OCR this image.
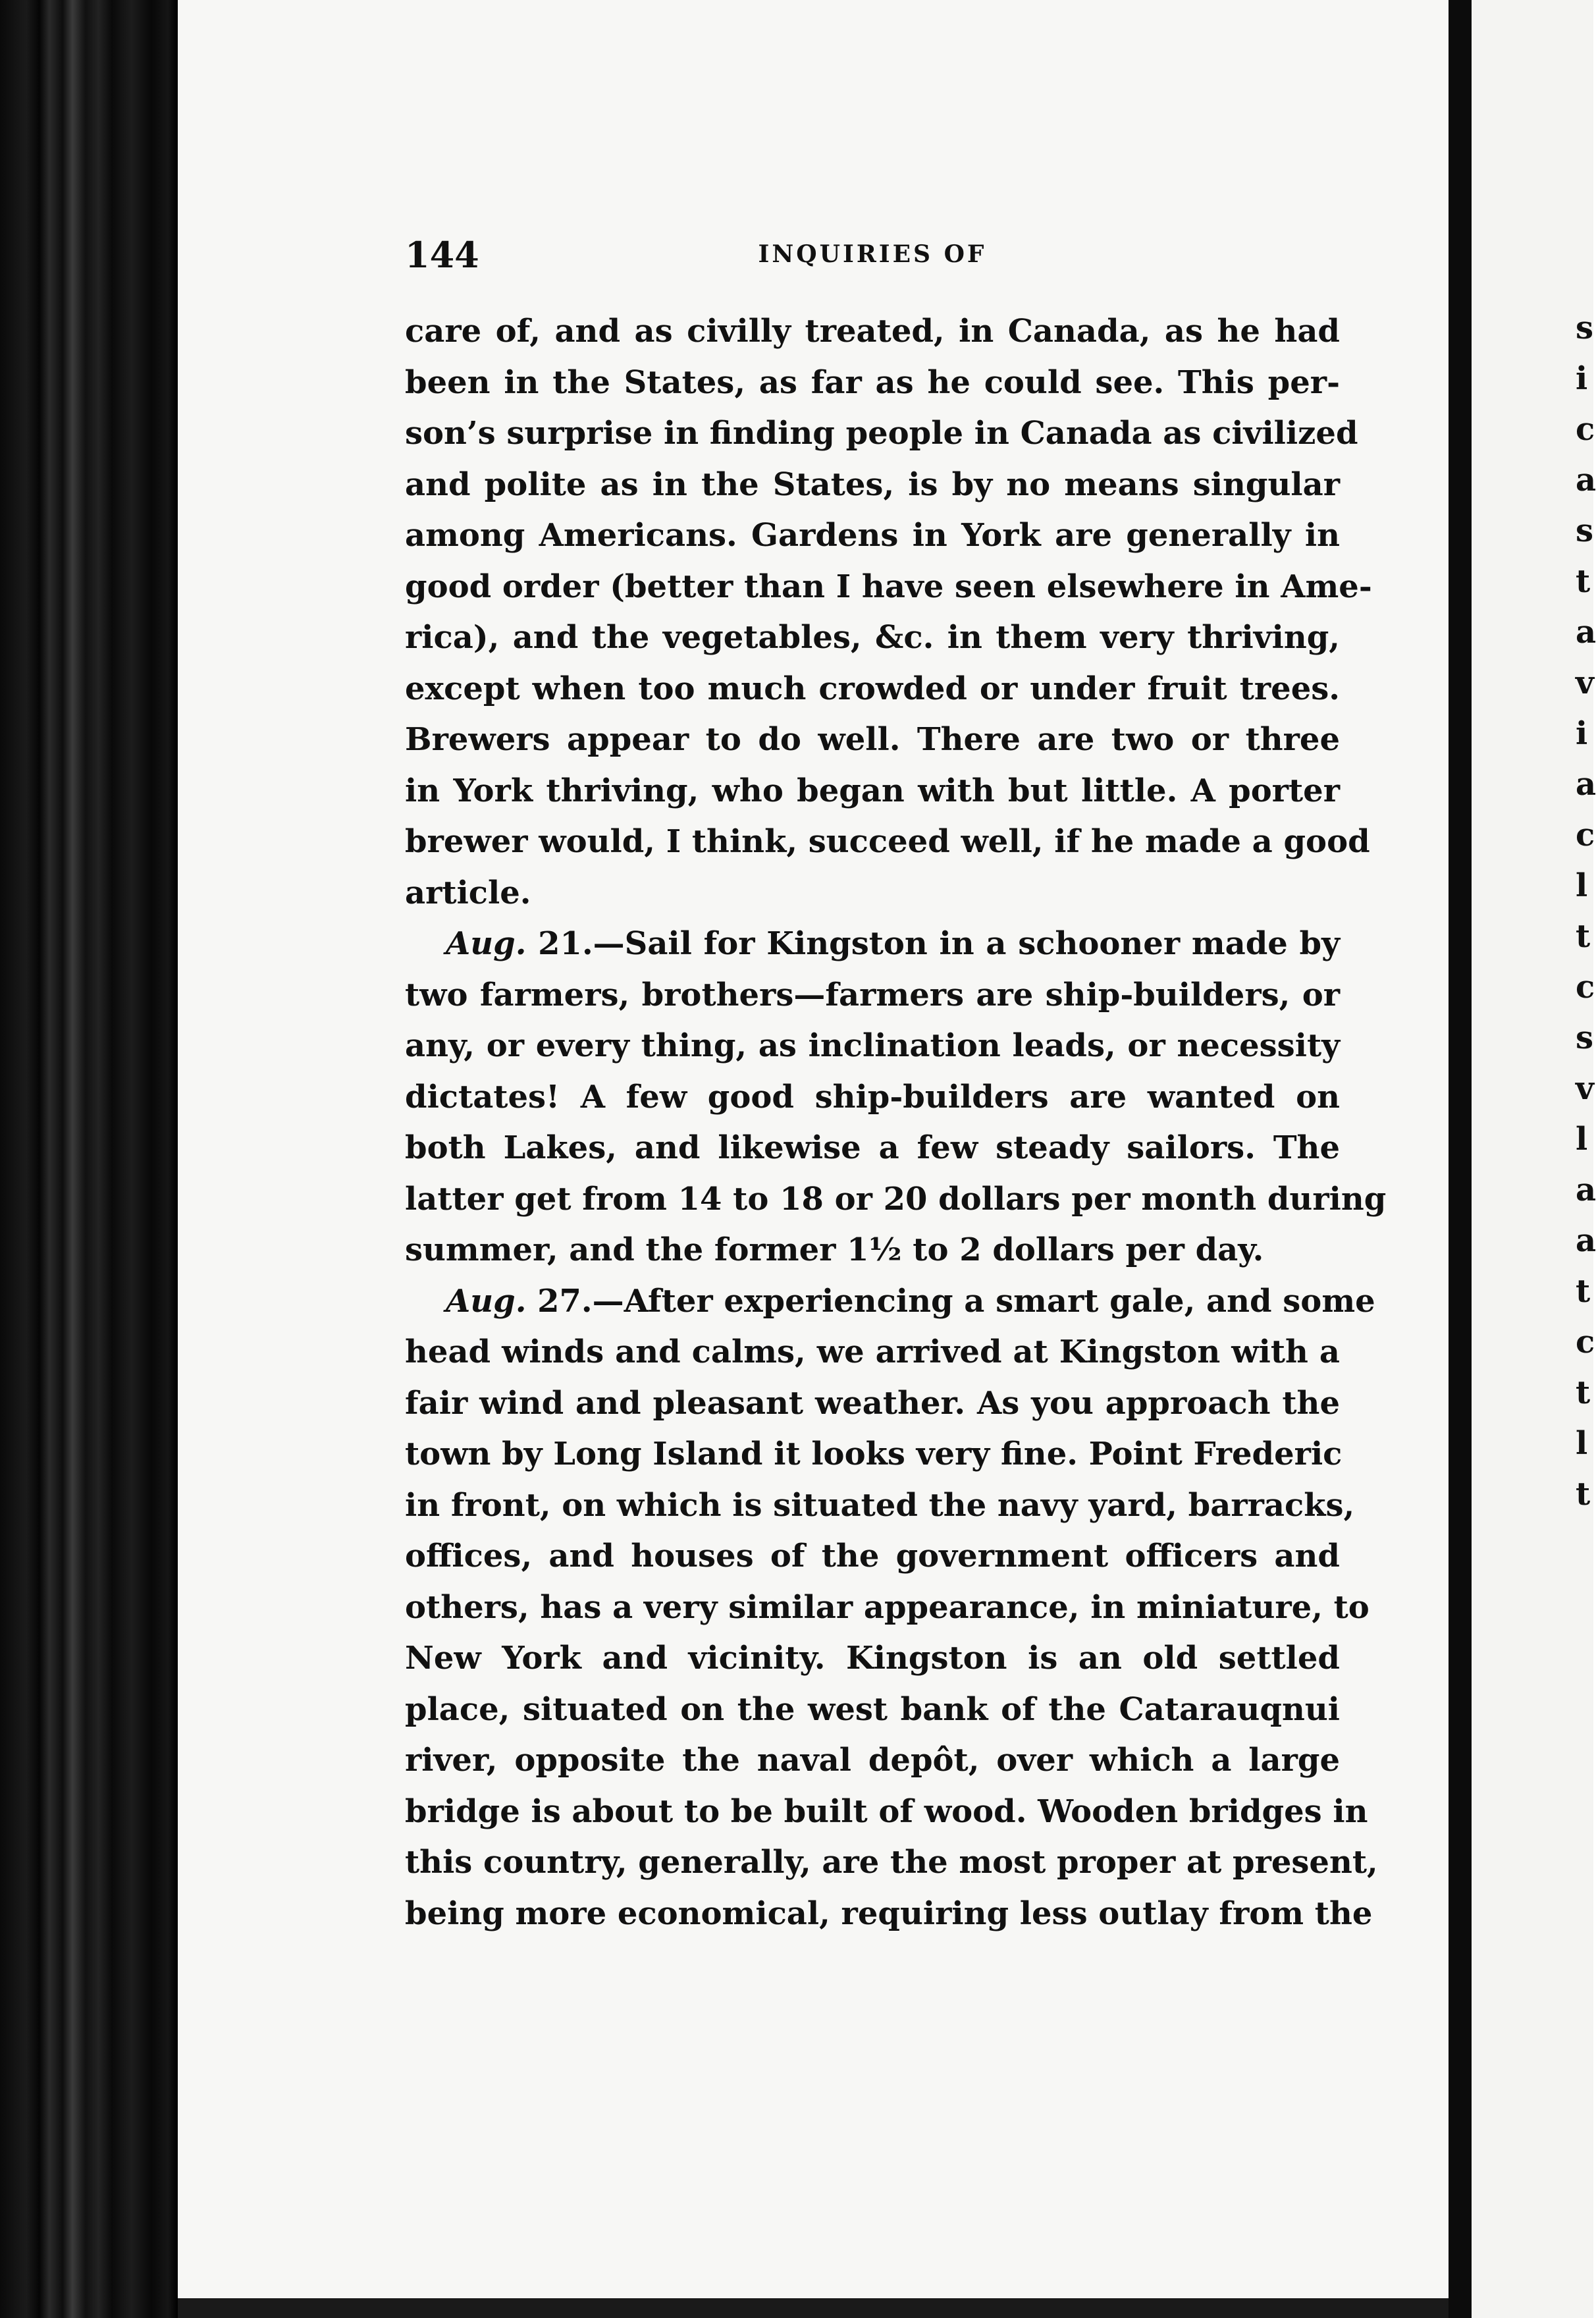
s
i
c
a
s
t
a
v
i
a
c
l
t
c
s
v
l
a
a
t
c
t
l
t
144	INQUIRIES OF
care of, and as civilly treated, in Canada, as he had
been in the States, as far as he could see. This per-
son’s surprise in finding people in Canada as civilized
and polite as in the States, is by no means singular
among Americans. Gardens in York are generally in
good order (better than I have seen elsewhere in Ame-
rica), and the vegetables, &c. in them very thriving,
except when too much crowded or under fruit trees.
Brewers appear to do well. There are two or three
in York thriving, who began with but little. A porter
brewer would, I think, succeed well, if he made a good
article.
Aug. 21.—Sail for Kingston in a schooner made by
two farmers, brothers—farmers are ship-builders, or
any, or every thing, as inclination leads, or necessity
dictates! A few good ship-builders are wanted on
both Lakes, and likewise a few steady sailors. The
latter get from 14 to 18 or 20 dollars per month during
summer, and the former 1½ to 2 dollars per day.
Aug. 27.—After experiencing a smart gale, and some
head winds and calms, we arrived at Kingston with a
fair wind and pleasant weather. As you approach the
town by Long Island it looks very fine. Point Frederic
in front, on which is situated the navy yard, barracks,
offices, and houses of the government officers and
others, has a very similar appearance, in miniature, to
New York and vicinity. Kingston is an old settled
place, situated on the west bank of the Catarauqnui
river, opposite the naval depôt, over which a large
bridge is about to be built of wood. Wooden bridges in
this country, generally, are the most proper at present,
being more economical, requiring less outlay from the
